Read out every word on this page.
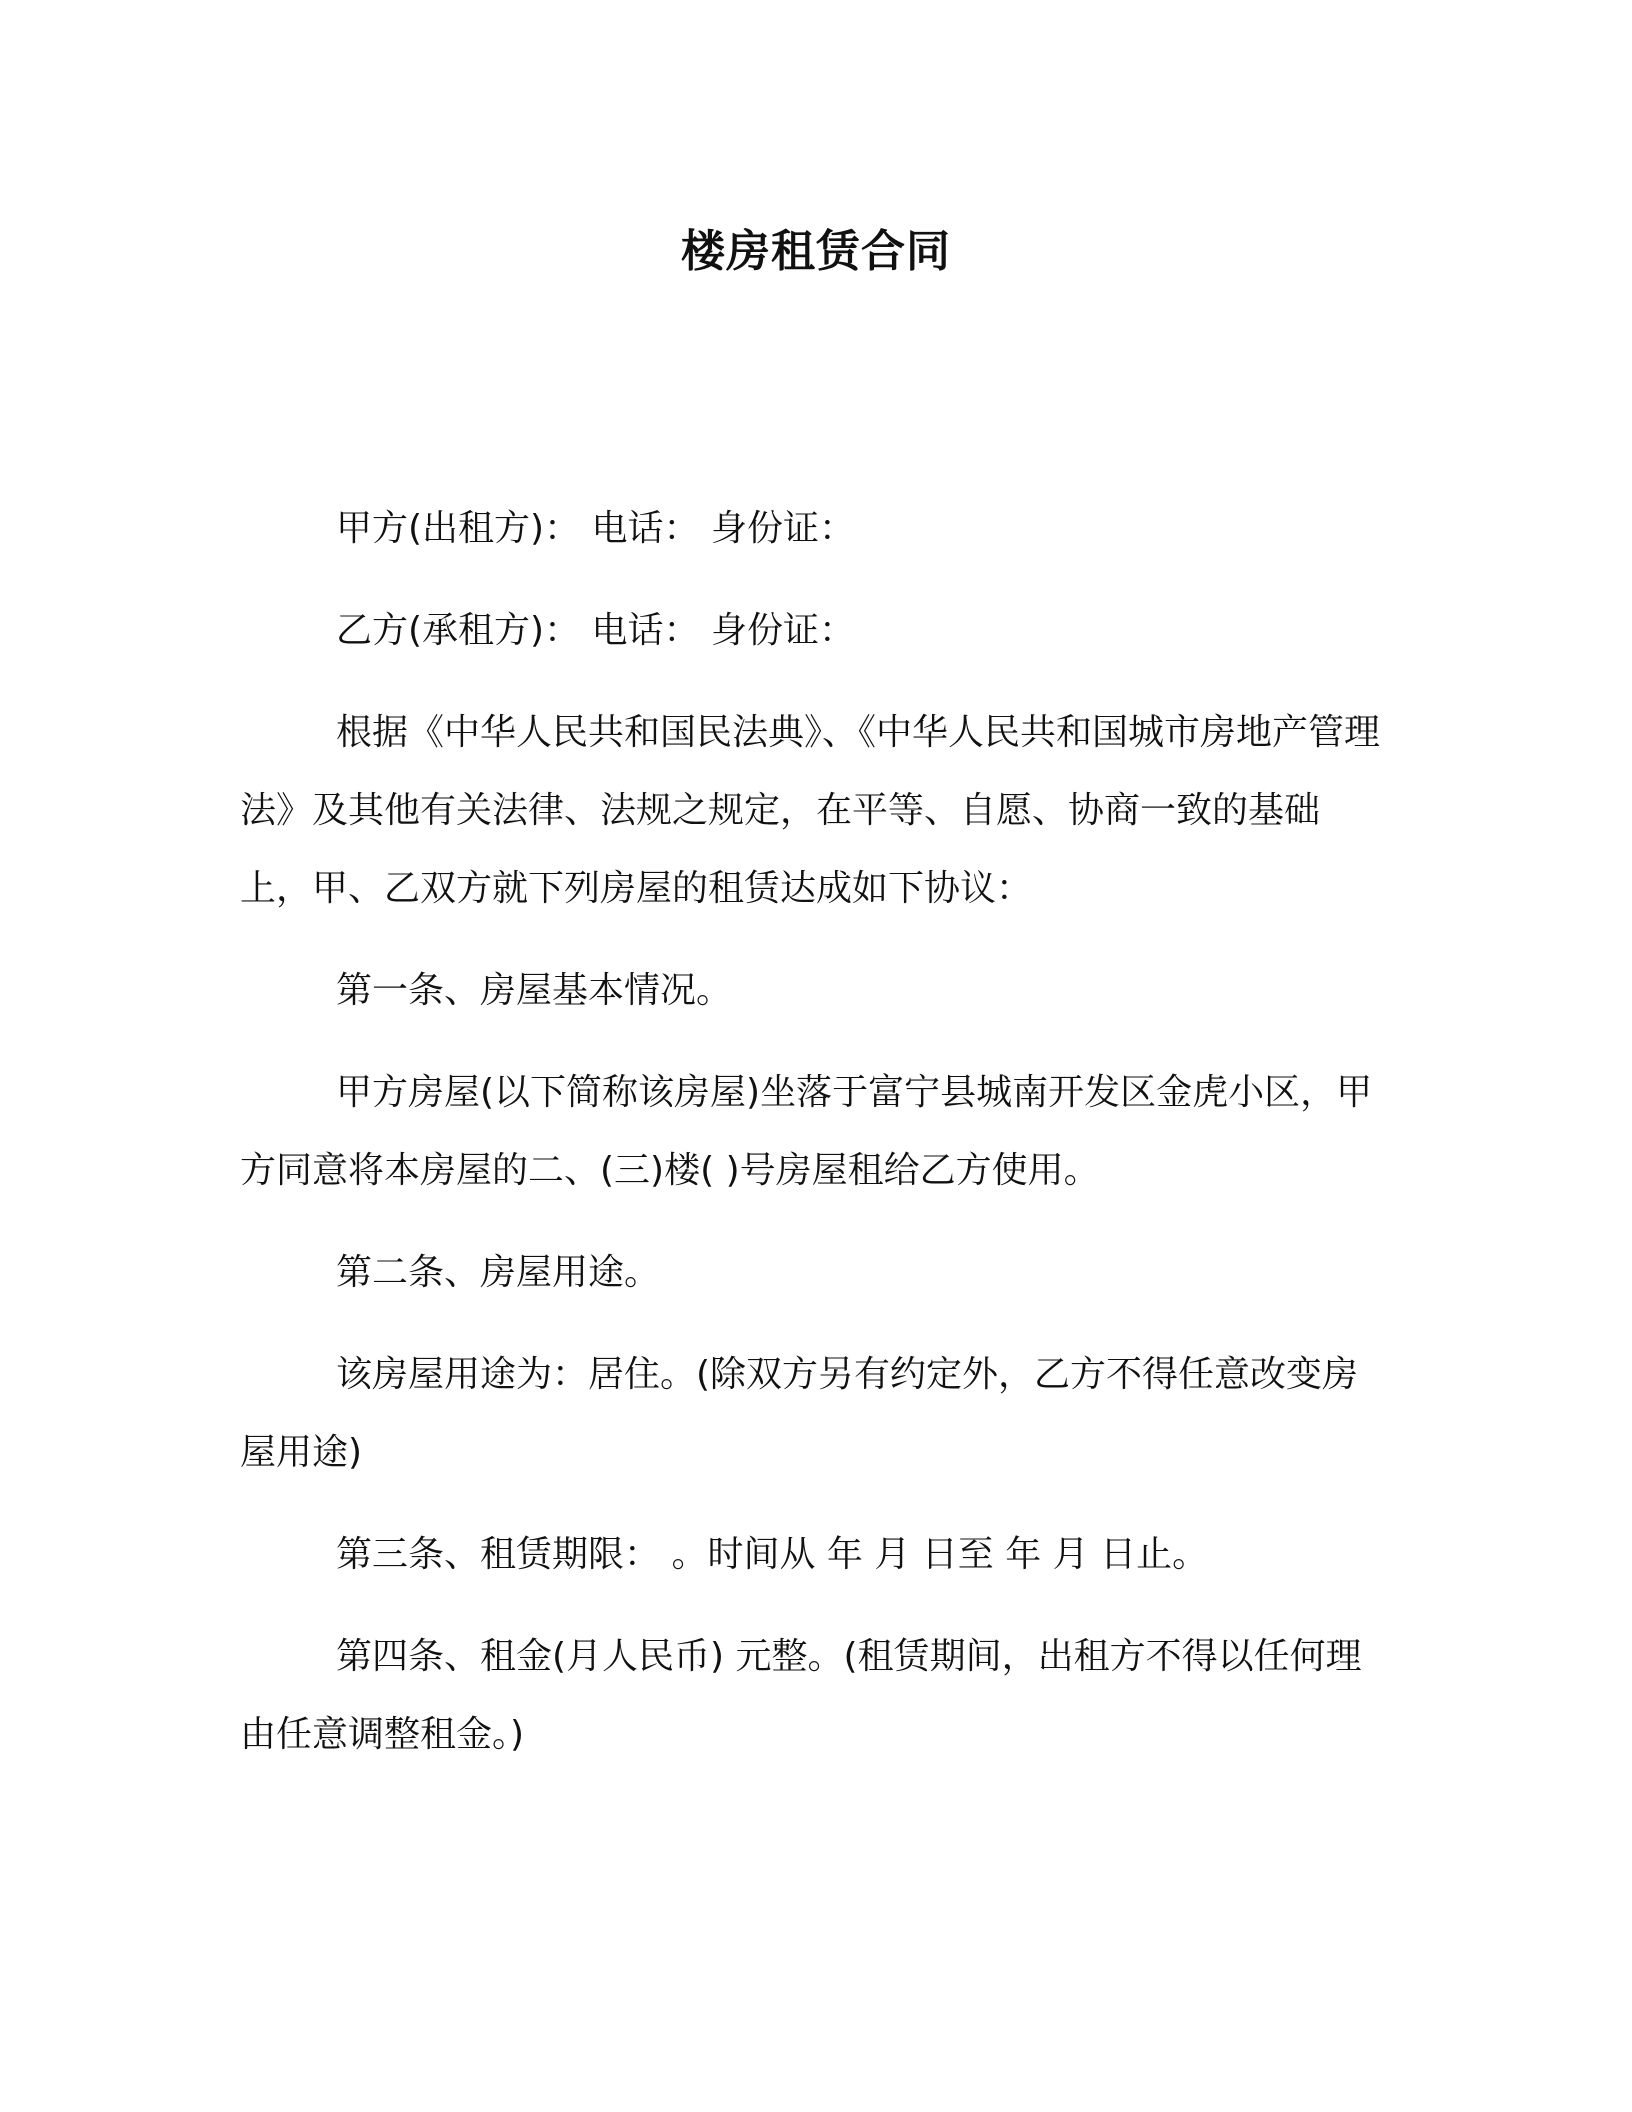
楼房租赁合同

甲方(出租方)： 电话： 身份证：

乙方(承租方)： 电话： 身份证：

根据《中华人民共和国民法典》、《中华人民共和国城市房地产管理法》及其他有关法律、法规之规定，在平等、自愿、协商一致的基础上，甲、乙双方就下列房屋的租赁达成如下协议：

第一条、房屋基本情况。

甲方房屋(以下简称该房屋)坐落于富宁县城南开发区金虎小区，甲方同意将本房屋的二、(三)楼( )号房屋租给乙方使用。

第二条、房屋用途。

该房屋用途为：居住。(除双方另有约定外，乙方不得任意改变房屋用途)

第三条、租赁期限： 。时间从 年 月 日至 年 月 日止。

第四条、租金(月人民币) 元整。(租赁期间，出租方不得以任何理由任意调整租金。)
